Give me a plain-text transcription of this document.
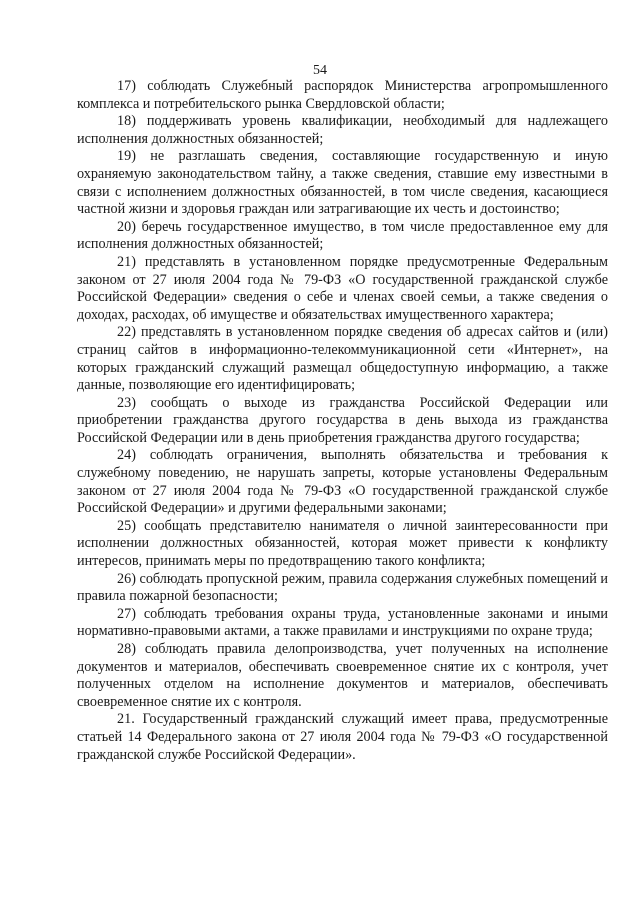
54

17) соблюдать Служебный распорядок Министерства агропромышленного комплекса и потребительского рынка Свердловской области;

18) поддерживать уровень квалификации, необходимый для надлежащего исполнения должностных обязанностей;

19) не разглашать сведения, составляющие государственную и иную охраняемую законодательством тайну, а также сведения, ставшие ему известными в связи с исполнением должностных обязанностей, в том числе сведения, касающиеся частной жизни и здоровья граждан или затрагивающие их честь и достоинство;

20) беречь государственное имущество, в том числе предоставленное ему для исполнения должностных обязанностей;

21) представлять в установленном порядке предусмотренные Федеральным законом от 27 июля 2004 года № 79-ФЗ «О государственной гражданской службе Российской Федерации» сведения о себе и членах своей семьи, а также сведения о доходах, расходах, об имуществе и обязательствах имущественного характера;

22) представлять в установленном порядке сведения об адресах сайтов и (или) страниц сайтов в информационно-телекоммуникационной сети «Интернет», на которых гражданский служащий размещал общедоступную информацию, а также данные, позволяющие его идентифицировать;

23) сообщать о выходе из гражданства Российской Федерации или приобретении гражданства другого государства в день выхода из гражданства Российской Федерации или в день приобретения гражданства другого государства;

24) соблюдать ограничения, выполнять обязательства и требования к служебному поведению, не нарушать запреты, которые установлены Федеральным законом от 27 июля 2004 года № 79-ФЗ «О государственной гражданской службе Российской Федерации» и другими федеральными законами;

25) сообщать представителю нанимателя о личной заинтересованности при исполнении должностных обязанностей, которая может привести к конфликту интересов, принимать меры по предотвращению такого конфликта;

26) соблюдать пропускной режим, правила содержания служебных помещений и правила пожарной безопасности;

27) соблюдать требования охраны труда, установленные законами и иными нормативно-правовыми актами, а также правилами и инструкциями по охране труда;

28) соблюдать правила делопроизводства, учет полученных на исполнение документов и материалов, обеспечивать своевременное снятие их с контроля, учет полученных отделом на исполнение документов и материалов, обеспечивать своевременное снятие их с контроля.

21. Государственный гражданский служащий имеет права, предусмотренные статьей 14 Федерального закона от 27 июля 2004 года № 79-ФЗ «О государственной гражданской службе Российской Федерации».
